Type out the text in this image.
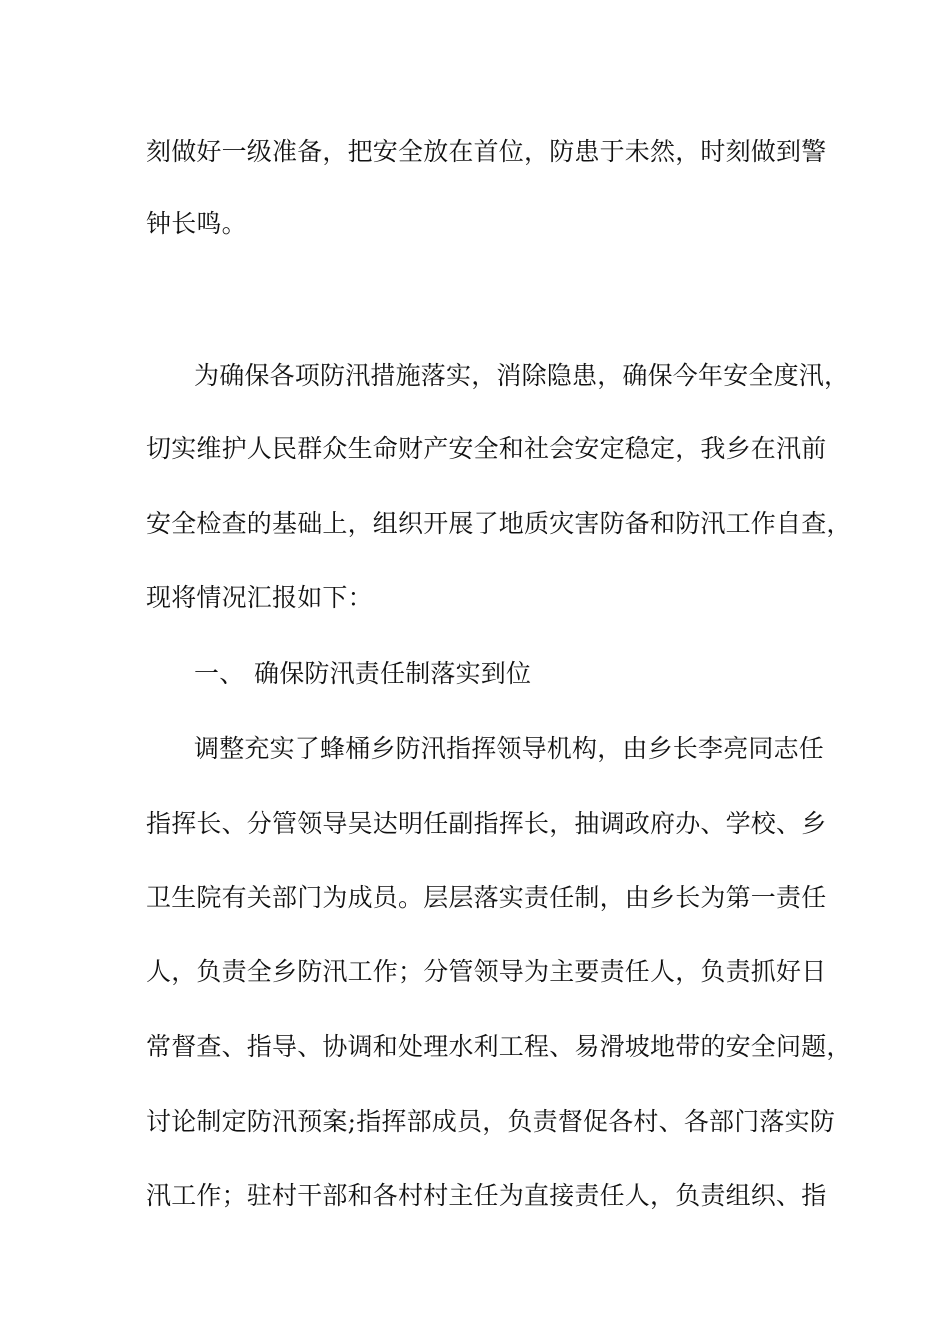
刻做好一级准备，把安全放在首位，防患于未然，时刻做到警
钟长鸣。
为确保各项防汛措施落实，消除隐患，确保今年安全度汛，
切实维护人民群众生命财产安全和社会安定稳定，我乡在汛前
安全检查的基础上，组织开展了地质灾害防备和防汛工作自查，
现将情况汇报如下：
一、 确保防汛责任制落实到位
调整充实了蜂桶乡防汛指挥领导机构，由乡长李亮同志任
指挥长、分管领导吴达明任副指挥长，抽调政府办、学校、乡
卫生院有关部门为成员。层层落实责任制，由乡长为第一责任
人，负责全乡防汛工作；分管领导为主要责任人，负责抓好日
常督查、指导、协调和处理水利工程、易滑坡地带的安全问题，
讨论制定防汛预案;指挥部成员，负责督促各村、各部门落实防
汛工作；驻村干部和各村村主任为直接责任人，负责组织、指
